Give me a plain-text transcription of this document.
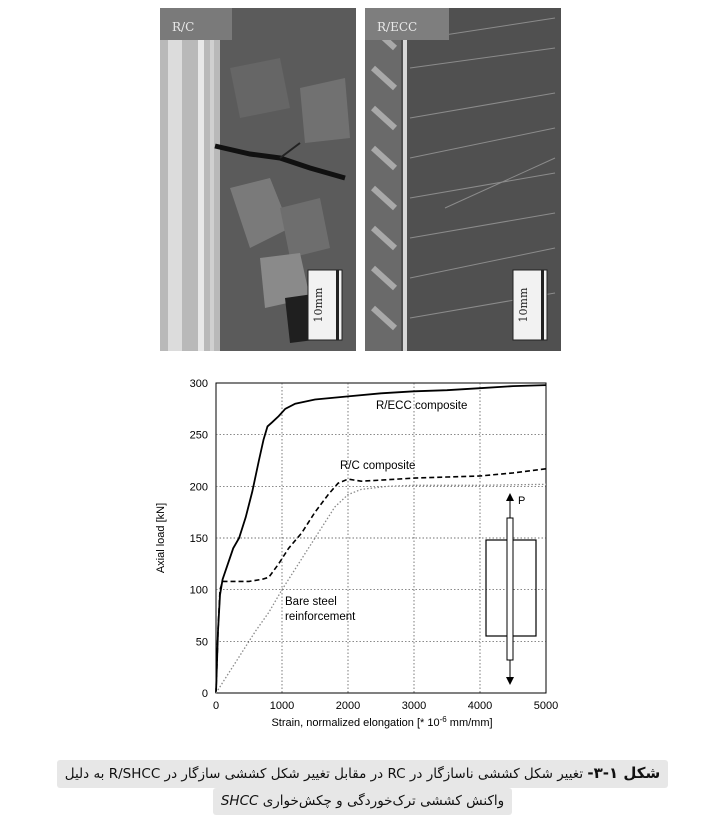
10mm
R/C
10mm
R/ECC
0	1000	2000	3000	4000	5000
0
50
100
150
200
250
300
P
R/ECC composite
R/C composite
Bare steel
reinforcement
Axial load [kN]
Strain, normalized elongation [* $10^{-6}$ mm/mm]
شکل ۱-۳- تغییر شکل کششی ناسازگار در RC در مقابل تغییر شکل کششی سازگار در R/SHCC به دلیل
واکنش کششی ترک‌خوردگی و چکش‌خواری SHCC
